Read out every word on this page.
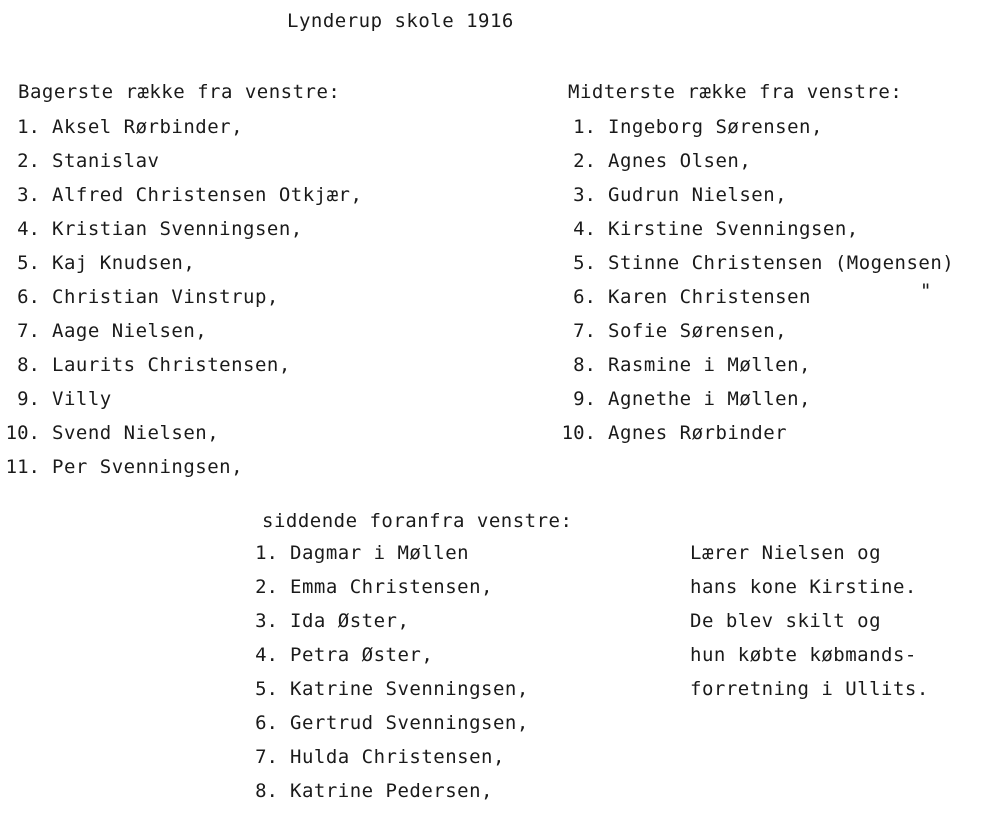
Lynderup skole 1916
Bagerste række fra venstre:
1. Aksel Rørbinder,
2. Stanislav
3. Alfred Christensen Otkjær,
4. Kristian Svenningsen,
5. Kaj Knudsen,
6. Christian Vinstrup,
7. Aage Nielsen,
8. Laurits Christensen,
9. Villy
10. Svend Nielsen,
11. Per Svenningsen,
Midterste række fra venstre:
1. Ingeborg Sørensen,
2. Agnes Olsen,
3. Gudrun Nielsen,
4. Kirstine Svenningsen,
5. Stinne Christensen (Mogensen)
6. Karen Christensen
7. Sofie Sørensen,
8. Rasmine i Møllen,
9. Agnethe i Møllen,
10. Agnes Rørbinder
"
siddende foranfra venstre:
1. Dagmar i Møllen
2. Emma Christensen,
3. Ida Øster,
4. Petra Øster,
5. Katrine Svenningsen,
6. Gertrud Svenningsen,
7. Hulda Christensen,
8. Katrine Pedersen,
Lærer Nielsen og
hans kone Kirstine.
De blev skilt og
hun købte købmands-
forretning i Ullits.
